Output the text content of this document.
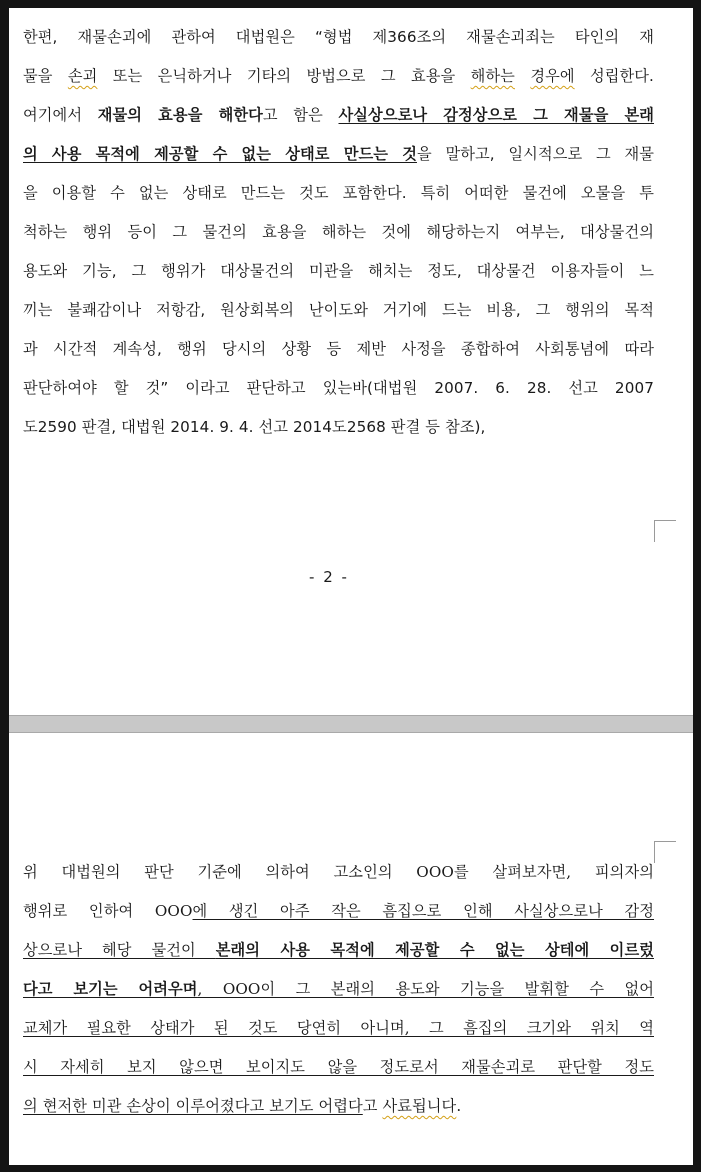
한편, 재물손괴에 관하여 대법원은 “형법 제366조의 재물손괴죄는 타인의 재
물을 손괴 또는 은닉하거나 기타의 방법으로 그 효용을 해하는 경우에 성립한다.
여기에서 재물의 효용을 해한다고 함은 사실상으로나 감정상으로 그 재물을 본래
의 사용 목적에 제공할 수 없는 상태로 만드는 것을 말하고, 일시적으로 그 재물
을 이용할 수 없는 상태로 만드는 것도 포함한다. 특히 어떠한 물건에 오물을 투
척하는 행위 등이 그 물건의 효용을 해하는 것에 해당하는지 여부는, 대상물건의
용도와 기능, 그 행위가 대상물건의 미관을 해치는 정도, 대상물건 이용자들이 느
끼는 불쾌감이나 저항감, 원상회복의 난이도와 거기에 드는 비용, 그 행위의 목적
과 시간적 계속성, 행위 당시의 상황 등 제반 사정을 종합하여 사회통념에 따라
판단하여야 할 것” 이라고 판단하고 있는바(대법원 2007. 6. 28. 선고 2007
도2590 판결, 대법원 2014. 9. 4. 선고 2014도2568 판결 등 참조),
- 2 -
위 대법원의 판단 기준에 의하여 고소인의 OOO를 살펴보자면, 피의자의
행위로 인하여 OOO에 생긴 아주 작은 흠집으로 인해 사실상으로나 감정
상으로나 헤당 물건이 본래의 사용 목적에 제공할 수 없는 상테에 이르렀
다고 보기는 어려우며, OOO이 그 본래의 용도와 기능을 발휘할 수 없어
교체가 필요한 상태가 된 것도 당연히 아니며, 그 흠집의 크기와 위치 역
시 자세히 보지 않으면 보이지도 않을 정도로서 재물손괴로 판단할 정도
의 현저한 미관 손상이 이루어졌다고 보기도 어렵다고 사료됩니다.
